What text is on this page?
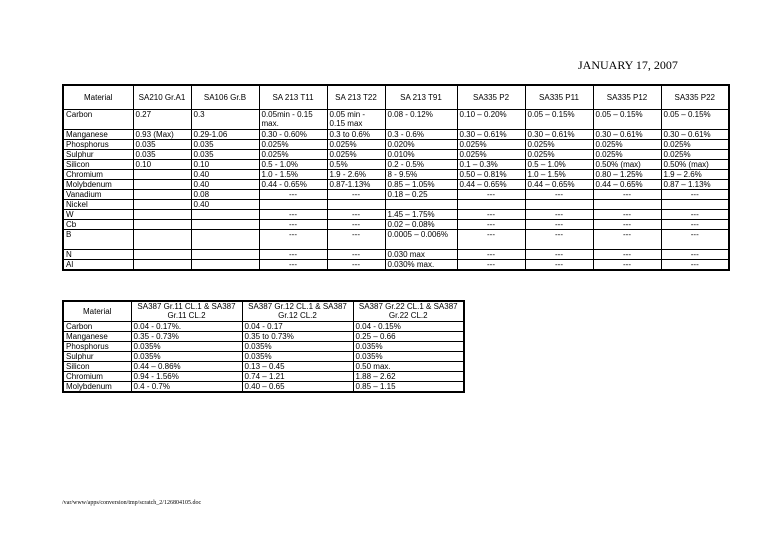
JANUARY 17, 2007
Material	SA210 Gr.A1	SA106 Gr.B	SA 213 T11	SA 213 T22	SA 213 T91	SA335 P2	SA335 P11	SA335 P12	SA335 P22
Carbon	0.27	0.3	0.05min - 0.15 max.	0.05 min - 0.15 max	0.08 - 0.12%	0.10 – 0.20%	0.05 – 0.15%	0.05 – 0.15%	0.05 – 0.15%
Manganese	0.93 (Max)	0.29-1.06	0.30 - 0.60%	0.3 to 0.6%	0.3 - 0.6%	0.30 – 0.61%	0.30 – 0.61%	0.30 – 0.61%	0.30 – 0.61%
Phosphorus	0.035	0.035	0.025%	0.025%	0.020%	0.025%	0.025%	0.025%	0.025%
Sulphur	0.035	0.035	0.025%	0.025%	0.010%	0.025%	0.025%	0.025%	0.025%
Silicon	0.10	0.10	0.5 - 1.0%	0.5%	0.2 - 0.5%	0.1 – 0.3%	0.5 – 1.0%	0.50% (max)	0.50% (max)
Chromium		0.40	1.0 - 1.5%	1.9 - 2.6%	8 - 9.5%	0.50 – 0.81%	1.0 – 1.5%	0.80 – 1.25%	1.9 – 2.6%
Molybdenum		0.40	0.44 - 0.65%	0.87-1.13%	0.85 – 1.05%	0.44 – 0.65%	0.44 – 0.65%	0.44 – 0.65%	0.87 – 1.13%
Vanadium		0.08	---	---	0.18 – 0.25	---	---	---	---
Nickel		0.40							
W			---	---	1.45 – 1.75%	---	---	---	---
Cb			---	---	0.02 – 0.08%	---	---	---	---
B			---	---	0.0005 – 0.006%	---	---	---	---
N			---	---	0.030 max	---	---	---	---
Al			---	---	0.030% max.	---	---	---	---
Material	SA387 Gr.11 CL.1 & SA387 Gr.11 CL.2	SA387 Gr.12 CL.1 & SA387 Gr.12 CL.2	SA387 Gr.22 CL.1 & SA387 Gr.22 CL.2
Carbon	0.04 - 0.17%.	0.04 - 0.17	0.04 - 0.15%
Manganese	0.35 - 0.73%	0.35 to 0.73%	0.25 – 0.66
Phosphorus	0.035%	0.035%	0.035%
Sulphur	0.035%	0.035%	0.035%
Silicon	0.44 – 0.86%	0.13 – 0.45	0.50 max.
Chromium	0.94 - 1.56%	0.74 – 1.21	1.88 – 2.62
Molybdenum	0.4 - 0.7%	0.40 – 0.65	0.85 – 1.15
/var/www/apps/conversion/tmp/scratch_2/126804105.doc
